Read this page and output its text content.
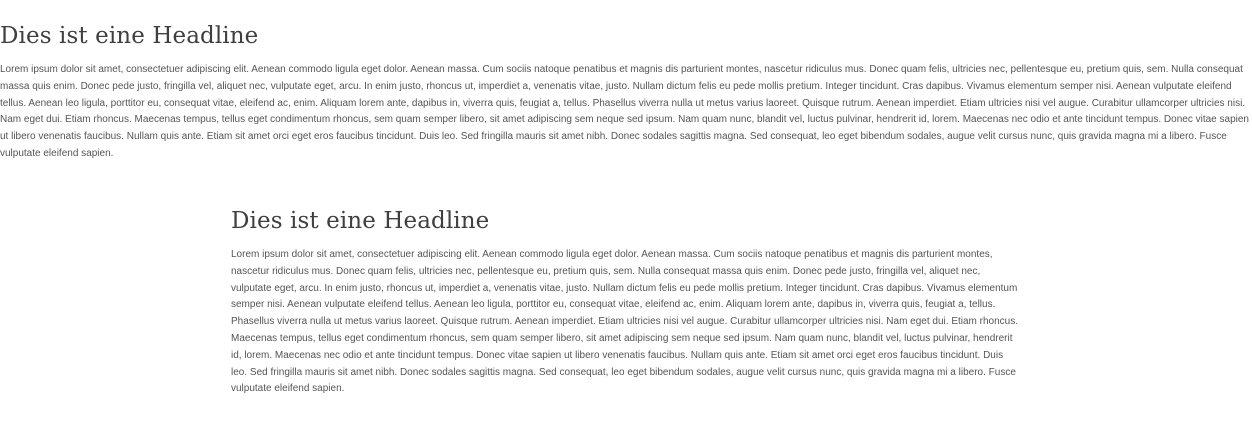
Dies ist eine Headline

Lorem ipsum dolor sit amet, consectetuer adipiscing elit. Aenean commodo ligula eget dolor. Aenean massa. Cum sociis natoque penatibus et magnis dis parturient montes, nascetur ridiculus mus. Donec quam felis, ultricies nec, pellentesque eu, pretium quis, sem. Nulla consequat massa quis enim. Donec pede justo, fringilla vel, aliquet nec, vulputate eget, arcu. In enim justo, rhoncus ut, imperdiet a, venenatis vitae, justo. Nullam dictum felis eu pede mollis pretium. Integer tincidunt. Cras dapibus. Vivamus elementum semper nisi. Aenean vulputate eleifend tellus. Aenean leo ligula, porttitor eu, consequat vitae, eleifend ac, enim. Aliquam lorem ante, dapibus in, viverra quis, feugiat a, tellus. Phasellus viverra nulla ut metus varius laoreet. Quisque rutrum. Aenean imperdiet. Etiam ultricies nisi vel augue. Curabitur ullamcorper ultricies nisi. Nam eget dui. Etiam rhoncus. Maecenas tempus, tellus eget condimentum rhoncus, sem quam semper libero, sit amet adipiscing sem neque sed ipsum. Nam quam nunc, blandit vel, luctus pulvinar, hendrerit id, lorem. Maecenas nec odio et ante tincidunt tempus. Donec vitae sapien ut libero venenatis faucibus. Nullam quis ante. Etiam sit amet orci eget eros faucibus tincidunt. Duis leo. Sed fringilla mauris sit amet nibh. Donec sodales sagittis magna. Sed consequat, leo eget bibendum sodales, augue velit cursus nunc, quis gravida magna mi a libero. Fusce vulputate eleifend sapien.

Dies ist eine Headline

Lorem ipsum dolor sit amet, consectetuer adipiscing elit. Aenean commodo ligula eget dolor. Aenean massa. Cum sociis natoque penatibus et magnis dis parturient montes, nascetur ridiculus mus. Donec quam felis, ultricies nec, pellentesque eu, pretium quis, sem. Nulla consequat massa quis enim. Donec pede justo, fringilla vel, aliquet nec, vulputate eget, arcu. In enim justo, rhoncus ut, imperdiet a, venenatis vitae, justo. Nullam dictum felis eu pede mollis pretium. Integer tincidunt. Cras dapibus. Vivamus elementum semper nisi. Aenean vulputate eleifend tellus. Aenean leo ligula, porttitor eu, consequat vitae, eleifend ac, enim. Aliquam lorem ante, dapibus in, viverra quis, feugiat a, tellus. Phasellus viverra nulla ut metus varius laoreet. Quisque rutrum. Aenean imperdiet. Etiam ultricies nisi vel augue. Curabitur ullamcorper ultricies nisi. Nam eget dui. Etiam rhoncus. Maecenas tempus, tellus eget condimentum rhoncus, sem quam semper libero, sit amet adipiscing sem neque sed ipsum. Nam quam nunc, blandit vel, luctus pulvinar, hendrerit id, lorem. Maecenas nec odio et ante tincidunt tempus. Donec vitae sapien ut libero venenatis faucibus. Nullam quis ante. Etiam sit amet orci eget eros faucibus tincidunt. Duis leo. Sed fringilla mauris sit amet nibh. Donec sodales sagittis magna. Sed consequat, leo eget bibendum sodales, augue velit cursus nunc, quis gravida magna mi a libero. Fusce vulputate eleifend sapien.
